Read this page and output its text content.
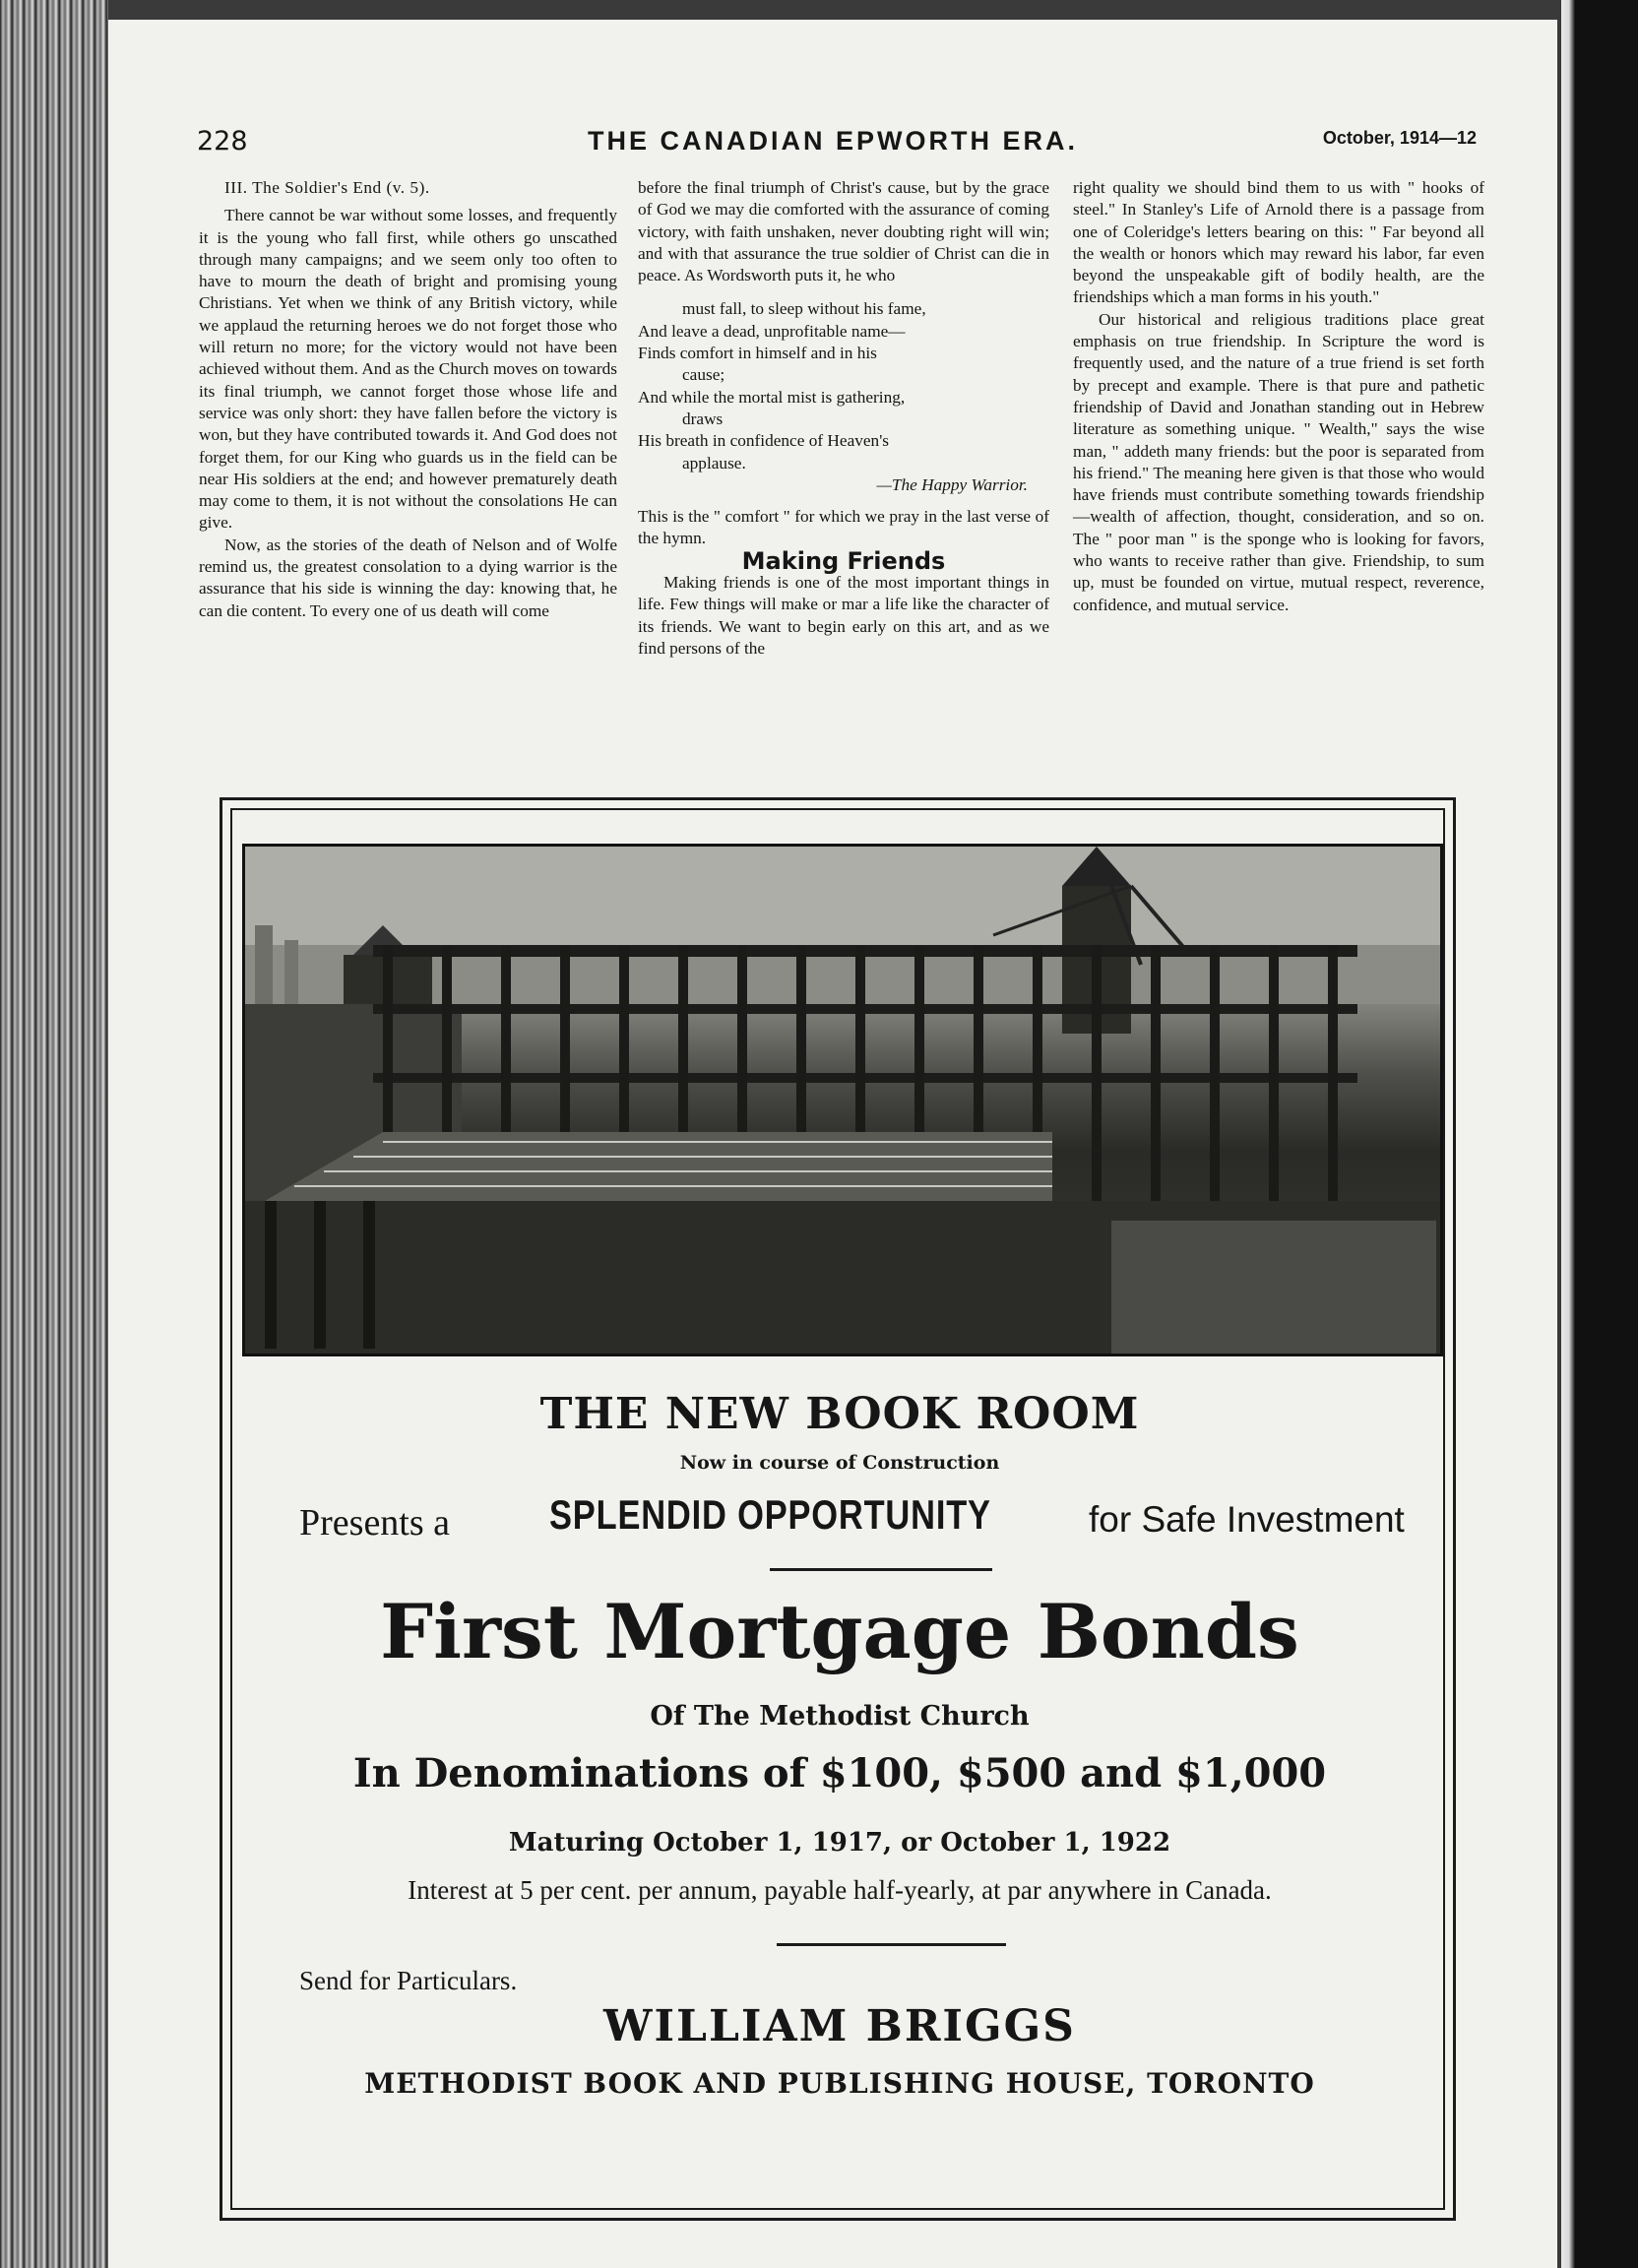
228	THE CANADIAN EPWORTH ERA.	October, 1914—12

III. The Soldier's End (v. 5).

There cannot be war without some losses, and frequently it is the young who fall first, while others go unscathed through many campaigns; and we seem only too often to have to mourn the death of bright and promising young Christians. Yet when we think of any British victory, while we applaud the returning heroes we do not forget those who will return no more; for the victory would not have been achieved without them. And as the Church moves on towards its final triumph, we cannot forget those whose life and service was only short: they have fallen before the victory is won, but they have contributed towards it. And God does not forget them, for our King who guards us in the field can be near His soldiers at the end; and however prematurely death may come to them, it is not without the consolations He can give.

Now, as the stories of the death of Nelson and of Wolfe remind us, the greatest consolation to a dying warrior is the assurance that his side is winning the day: knowing that, he can die content. To every one of us death will come

before the final triumph of Christ's cause, but by the grace of God we may die comforted with the assurance of coming victory, with faith unshaken, never doubting right will win; and with that assurance the true soldier of Christ can die in peace. As Wordsworth puts it, he who

must fall, to sleep without his fame,

And leave a dead, unprofitable name—

Finds comfort in himself and in his

cause;

And while the mortal mist is gathering,

draws

His breath in confidence of Heaven's

applause.

—The Happy Warrior.

This is the " comfort " for which we pray in the last verse of the hymn.

Making Friends

Making friends is one of the most important things in life. Few things will make or mar a life like the character of its friends. We want to begin early on this art, and as we find persons of the

right quality we should bind them to us with " hooks of steel." In Stanley's Life of Arnold there is a passage from one of Coleridge's letters bearing on this: " Far beyond all the wealth or honors which may reward his labor, far even beyond the unspeakable gift of bodily health, are the friendships which a man forms in his youth."

Our historical and religious traditions place great emphasis on true friendship. In Scripture the word is frequently used, and the nature of a true friend is set forth by precept and example. There is that pure and pathetic friendship of David and Jonathan standing out in Hebrew literature as something unique. " Wealth," says the wise man, " addeth many friends: but the poor is separated from his friend." The meaning here given is that those who would have friends must contribute something towards friendship—wealth of affection, thought, consideration, and so on. The " poor man " is the sponge who is looking for favors, who wants to receive rather than give. Friendship, to sum up, must be founded on virtue, mutual respect, reverence, confidence, and mutual service.

THE NEW BOOK ROOM
Now in course of Construction
Presents a SPLENDID OPPORTUNITY	for Safe Investment
First Mortgage Bonds
Of The Methodist Church
In Denominations of $100, $500 and $1,000
Maturing October 1, 1917, or October 1, 1922
Interest at 5 per cent. per annum, payable half-yearly, at par anywhere in Canada.
Send for Particulars.
WILLIAM BRIGGS
METHODIST BOOK AND PUBLISHING HOUSE, TORONTO
